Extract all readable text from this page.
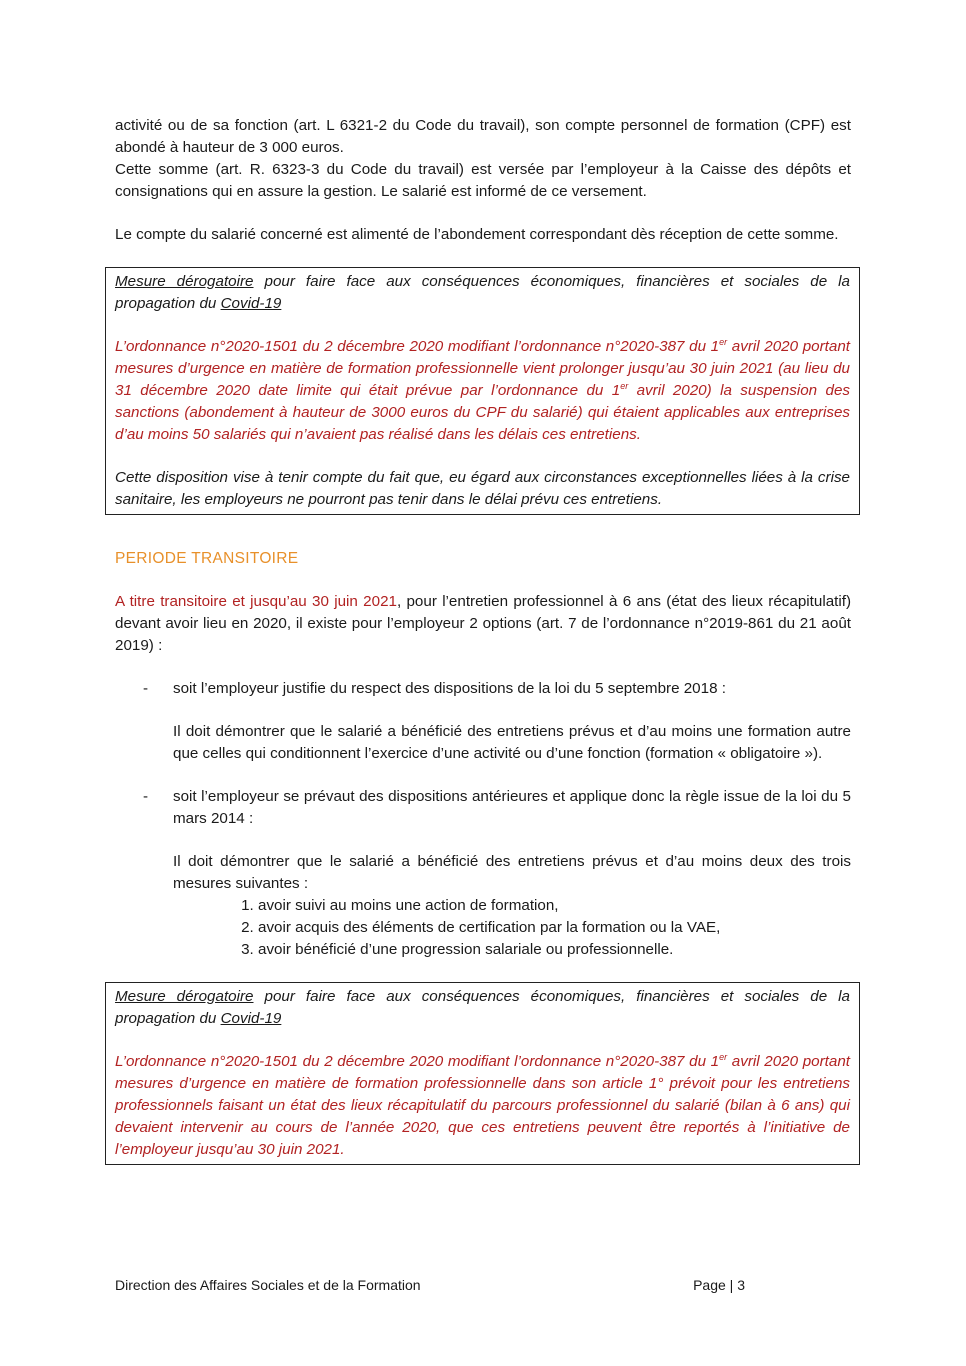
activité ou de sa fonction (art. L 6321-2 du Code du travail), son compte personnel de formation (CPF) est abondé à hauteur de 3 000 euros.

Cette somme (art. R. 6323-3 du Code du travail) est versée par l’employeur à la Caisse des dépôts et consignations qui en assure la gestion. Le salarié est informé de ce versement.

Le compte du salarié concerné est alimenté de l’abondement correspondant dès réception de cette somme.

Mesure dérogatoire pour faire face aux conséquences économiques, financières et sociales de la propagation du Covid-19

L’ordonnance n°2020-1501 du 2 décembre 2020 modifiant l’ordonnance n°2020-387 du 1er avril 2020 portant mesures d’urgence en matière de formation professionnelle vient prolonger jusqu’au 30 juin 2021 (au lieu du 31 décembre 2020 date limite qui était prévue par l’ordonnance du 1er avril 2020) la suspension des sanctions (abondement à hauteur de 3000 euros du CPF du salarié) qui étaient applicables aux entreprises d’au moins 50 salariés qui n’avaient pas réalisé dans les délais ces entretiens.

Cette disposition vise à tenir compte du fait que, eu égard aux circonstances exceptionnelles liées à la crise sanitaire, les employeurs ne pourront pas tenir dans le délai prévu ces entretiens.

PERIODE TRANSITOIRE

A titre transitoire et jusqu’au 30 juin 2021, pour l’entretien professionnel à 6 ans (état des lieux récapitulatif) devant avoir lieu en 2020, il existe pour l’employeur 2 options (art. 7 de l’ordonnance n°2019-861 du 21 août 2019) :

- soit l’employeur justifie du respect des dispositions de la loi du 5 septembre 2018 :

Il doit démontrer que le salarié a bénéficié des entretiens prévus et d’au moins une formation autre que celles qui conditionnent l’exercice d’une activité ou d’une fonction (formation « obligatoire »).

- soit l’employeur se prévaut des dispositions antérieures et applique donc la règle issue de la loi du 5 mars 2014 :

Il doit démontrer que le salarié a bénéficié des entretiens prévus et d’au moins deux des trois mesures suivantes :

1. avoir suivi au moins une action de formation,
2. avoir acquis des éléments de certification par la formation ou la VAE,
3. avoir bénéficié d’une progression salariale ou professionnelle.

Mesure dérogatoire pour faire face aux conséquences économiques, financières et sociales de la propagation du Covid-19

L’ordonnance n°2020-1501 du 2 décembre 2020 modifiant l’ordonnance n°2020-387 du 1er avril 2020 portant mesures d’urgence en matière de formation professionnelle dans son article 1° prévoit pour les entretiens professionnels faisant un état des lieux récapitulatif du parcours professionnel du salarié (bilan à 6 ans) qui devaient intervenir au cours de l’année 2020, que ces entretiens peuvent être reportés à l’initiative de l’employeur jusqu’au 30 juin 2021.

Direction des Affaires Sociales et de la Formation	Page | 3
